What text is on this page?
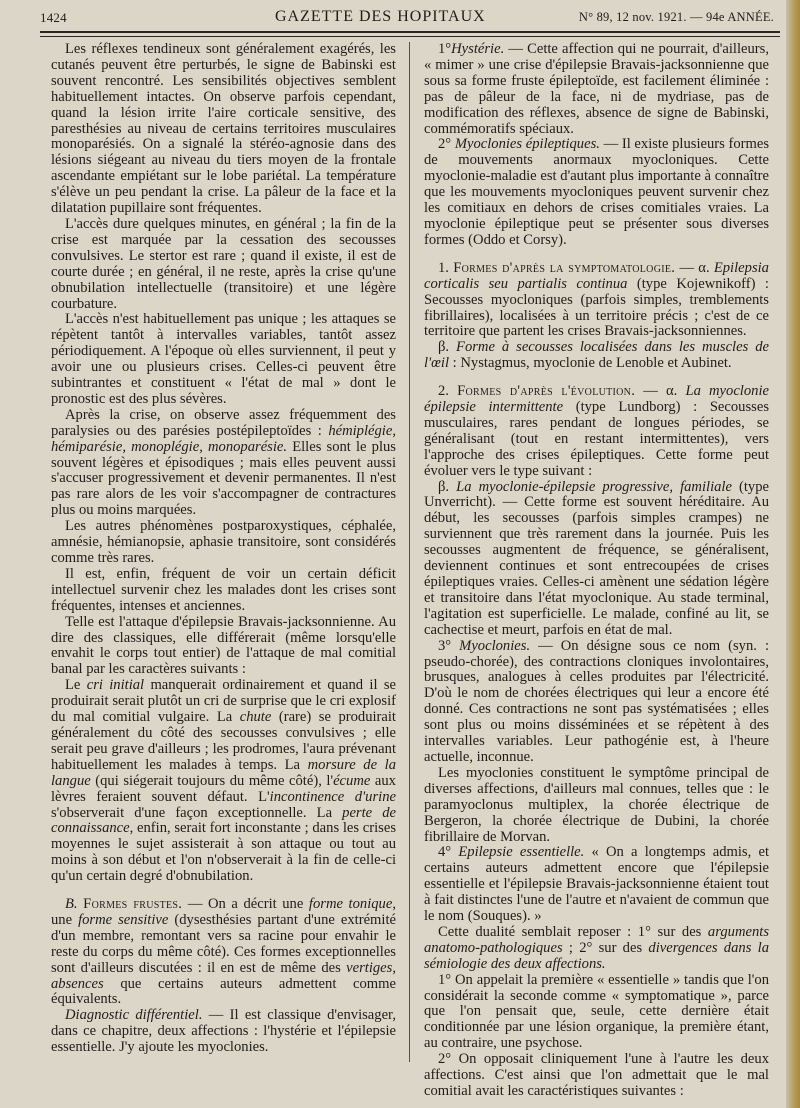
1424	GAZETTE DES HOPITAUX	N° 89, 12 nov. 1921. — 94e ANNÉE.

Les réflexes tendineux sont généralement exagérés, les cutanés peuvent être perturbés, le signe de Babinski est souvent rencontré. Les sensibilités objectives semblent habituellement intactes. On observe parfois cependant, quand la lésion irrite l'aire corticale sensitive, des paresthésies au niveau de certains territoires musculaires monoparésiés. On a signalé la stéréo-agnosie dans des lésions siégeant au niveau du tiers moyen de la frontale ascendante empiétant sur le lobe pariétal. La température s'élève un peu pendant la crise. La pâleur de la face et la dilatation pupillaire sont fréquentes.

L'accès dure quelques minutes, en général ; la fin de la crise est marquée par la cessation des secousses convulsives. Le stertor est rare ; quand il existe, il est de courte durée ; en général, il ne reste, après la crise qu'une obnubilation intellectuelle (transitoire) et une légère courbature.

L'accès n'est habituellement pas unique ; les attaques se répètent tantôt à intervalles variables, tantôt assez périodiquement. A l'époque où elles surviennent, il peut y avoir une ou plusieurs crises. Celles-ci peuvent être subintrantes et constituent « l'état de mal » dont le pronostic est des plus sévères.

Après la crise, on observe assez fréquemment des paralysies ou des parésies postépileptoïdes : hémiplégie, hémiparésie, monoplégie, monoparésie. Elles sont le plus souvent légères et épisodiques ; mais elles peuvent aussi s'accuser progressivement et devenir permanentes. Il n'est pas rare alors de les voir s'accompagner de contractures plus ou moins marquées.

Les autres phénomènes postparoxystiques, céphalée, amnésie, hémianopsie, aphasie transitoire, sont considérés comme très rares.

Il est, enfin, fréquent de voir un certain déficit intellectuel survenir chez les malades dont les crises sont fréquentes, intenses et anciennes.

Telle est l'attaque d'épilepsie Bravais-jacksonnienne. Au dire des classiques, elle différerait (même lorsqu'elle envahit le corps tout entier) de l'attaque de mal comitial banal par les caractères suivants :

Le cri initial manquerait ordinairement et quand il se produirait serait plutôt un cri de surprise que le cri explosif du mal comitial vulgaire. La chute (rare) se produirait généralement du côté des secousses convulsives ; elle serait peu grave d'ailleurs ; les prodromes, l'aura prévenant habituellement les malades à temps. La morsure de la langue (qui siégerait toujours du même côté), l'écume aux lèvres feraient souvent défaut. L'incontinence d'urine s'observerait d'une façon exceptionnelle. La perte de connaissance, enfin, serait fort inconstante ; dans les crises moyennes le sujet assisterait à son attaque ou tout au moins à son début et l'on n'observerait à la fin de celle-ci qu'un certain degré d'obnubilation.

B. Formes frustes. — On a décrit une forme tonique, une forme sensitive (dysesthésies partant d'une extrémité d'un membre, remontant vers sa racine pour envahir le reste du corps du même côté). Ces formes exceptionnelles sont d'ailleurs discutées : il en est de même des vertiges, absences que certains auteurs admettent comme équivalents.

Diagnostic différentiel. — Il est classique d'envisager, dans ce chapitre, deux affections : l'hystérie et l'épilepsie essentielle. J'y ajoute les myoclonies.

1°Hystérie. — Cette affection qui ne pourrait, d'ailleurs, « mimer » une crise d'épilepsie Bravais-jacksonnienne que sous sa forme fruste épileptoïde, est facilement éliminée : pas de pâleur de la face, ni de mydriase, pas de modification des réflexes, absence de signe de Babinski, commémoratifs spéciaux.

2° Myoclonies épileptiques. — Il existe plusieurs formes de mouvements anormaux myocloniques. Cette myoclonie-maladie est d'autant plus importante à connaître que les mouvements myocloniques peuvent survenir chez les comitiaux en dehors de crises comitiales vraies. La myoclonie épileptique peut se présenter sous diverses formes (Oddo et Corsy).

1. Formes d'après la symptomatologie. — α. Epilepsia corticalis seu partialis continua (type Kojewnikoff) : Secousses myocloniques (parfois simples, tremblements fibrillaires), localisées à un territoire précis ; c'est de ce territoire que partent les crises Bravais-jacksonniennes.

β. Forme à secousses localisées dans les muscles de l'œil : Nystagmus, myoclonie de Lenoble et Aubinet.

2. Formes d'après l'évolution. — α. La myoclonie épilepsie intermittente (type Lundborg) : Secousses musculaires, rares pendant de longues périodes, se généralisant (tout en restant intermittentes), vers l'approche des crises épileptiques. Cette forme peut évoluer vers le type suivant :

β. La myoclonie-épilepsie progressive, familiale (type Unverricht). — Cette forme est souvent héréditaire. Au début, les secousses (parfois simples crampes) ne surviennent que très rarement dans la journée. Puis les secousses augmentent de fréquence, se généralisent, deviennent continues et sont entrecoupées de crises épileptiques vraies. Celles-ci amènent une sédation légère et transitoire dans l'état myoclonique. Au stade terminal, l'agitation est superficielle. Le malade, confiné au lit, se cachectise et meurt, parfois en état de mal.

3° Myoclonies. — On désigne sous ce nom (syn. : pseudo-chorée), des contractions cloniques involontaires, brusques, analogues à celles produites par l'électricité. D'où le nom de chorées électriques qui leur a encore été donné. Ces contractions ne sont pas systématisées ; elles sont plus ou moins disséminées et se répètent à des intervalles variables. Leur pathogénie est, à l'heure actuelle, inconnue.

Les myoclonies constituent le symptôme principal de diverses affections, d'ailleurs mal connues, telles que : le paramyoclonus multiplex, la chorée électrique de Bergeron, la chorée électrique de Dubini, la chorée fibrillaire de Morvan.

4° Epilepsie essentielle. « On a longtemps admis, et certains auteurs admettent encore que l'épilepsie essentielle et l'épilepsie Bravais-jacksonnienne étaient tout à fait distinctes l'une de l'autre et n'avaient de commun que le nom (Souques). »

Cette dualité semblait reposer : 1° sur des arguments anatomo-pathologiques ; 2° sur des divergences dans la sémiologie des deux affections.

1° On appelait la première « essentielle » tandis que l'on considérait la seconde comme « symptomatique », parce que l'on pensait que, seule, cette dernière était conditionnée par une lésion organique, la première étant, au contraire, une psychose.

2° On opposait cliniquement l'une à l'autre les deux affections. C'est ainsi que l'on admettait que le mal comitial avait les caractéristiques suivantes :
